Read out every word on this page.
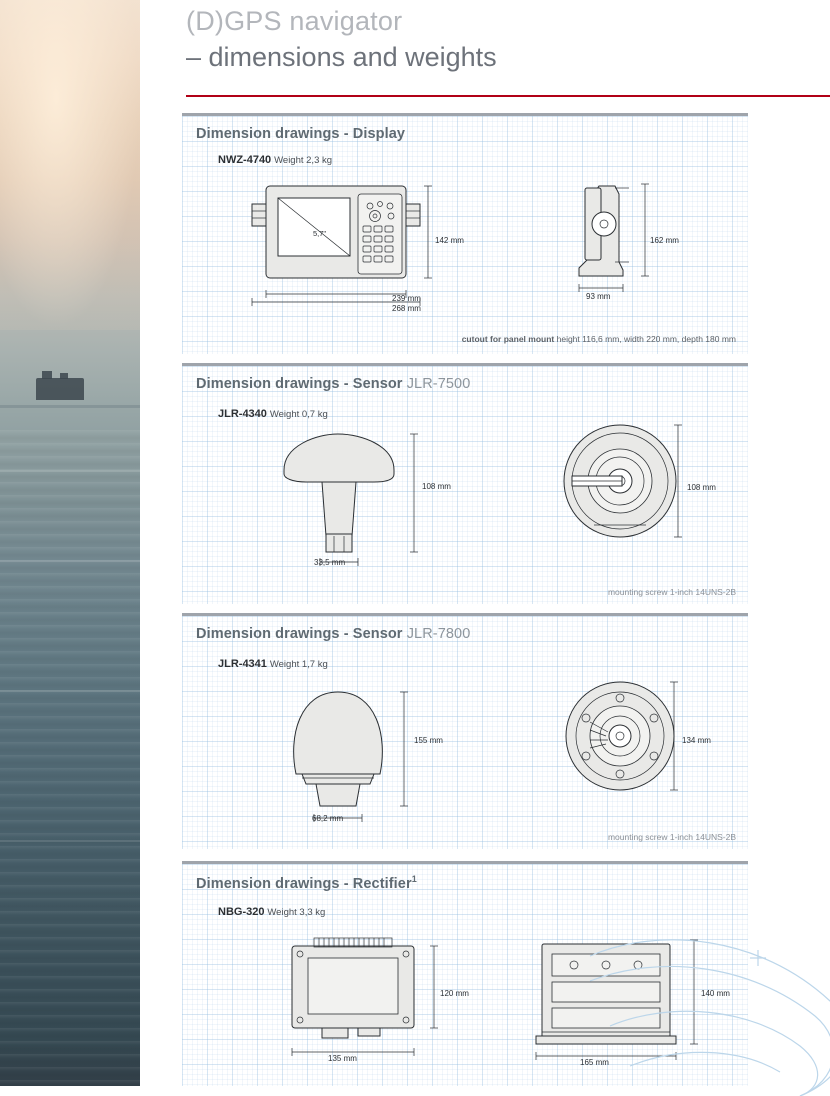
(D)GPS navigator
– dimensions and weights
Dimension drawings - Display
NWZ-4740 Weight 2,3 kg
142 mm
239 mm
268 mm
5,7"
162 mm
93 mm
cutout for panel mount height 116,6 mm, width 220 mm, depth 180 mm
Dimension drawings - Sensor JLR-7500
JLR-4340 Weight 0,7 kg
108 mm
33,5 mm
108 mm
mounting screw 1-inch 14UNS-2B
Dimension drawings - Sensor JLR-7800
JLR-4341 Weight 1,7 kg
155 mm
68,2 mm
134 mm
mounting screw 1-inch 14UNS-2B
Dimension drawings - Rectifier$^1$
NBG-320 Weight 3,3 kg
120 mm
135 mm
140 mm
165 mm
